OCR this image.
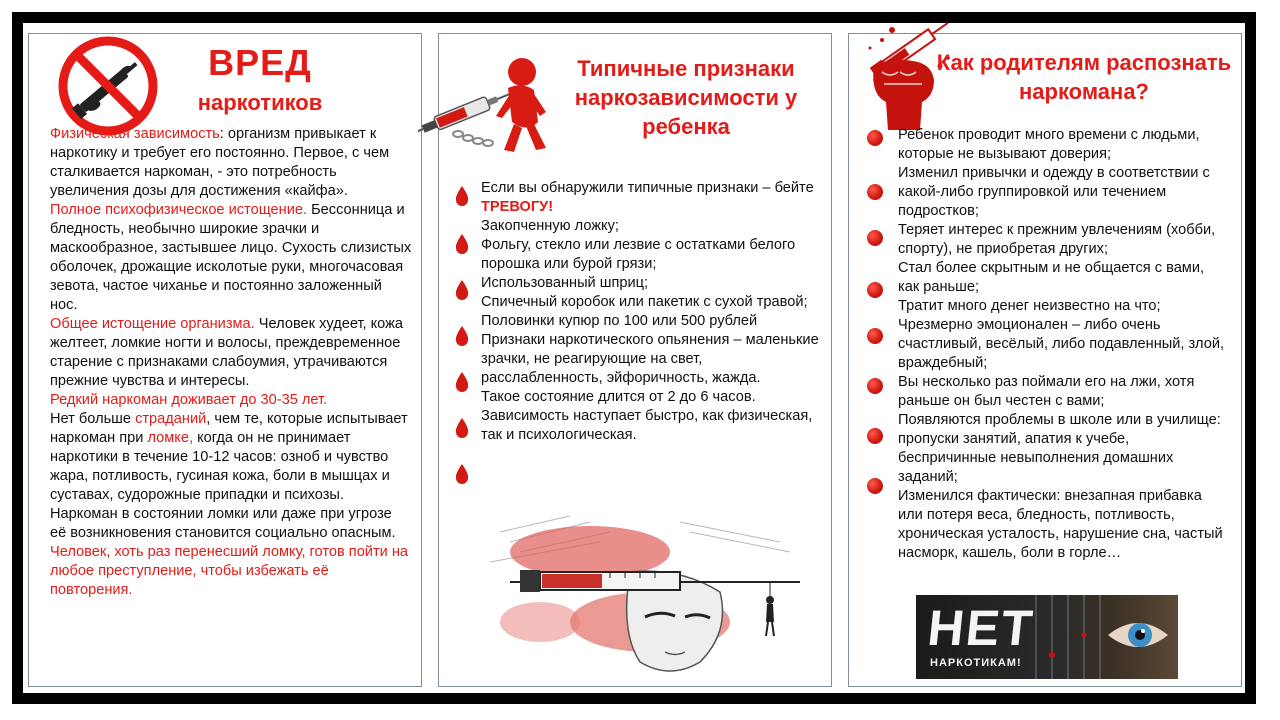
ВРЕД
наркотиков
Физическая зависимость: организм привыкает к наркотику и требует его постоянно. Первое, с чем сталкивается наркоман, - это потребность увеличения дозы для достижения «кайфа».
Полное психофизическое истощение. Бессонница и бледность, необычно широкие зрачки и маскообразное, застывшее лицо. Сухость слизистых оболочек, дрожащие исколотые руки, многочасовая зевота, частое чиханье и постоянно заложенный нос.
Общее истощение организма. Человек худеет, кожа желтеет, ломкие ногти и волосы, преждевременное старение с признаками слабоумия, утрачиваются прежние чувства и интересы.
Редкий наркоман доживает до 30-35 лет.
Нет больше страданий, чем те, которые испытывает наркоман при ломке, когда он не принимает наркотики в течение 10-12 часов: озноб и чувство жара, потливость, гусиная кожа, боли в мышцах и суставах, судорожные припадки и психозы.
Наркоман в состоянии ломки или даже при угрозе её возникновения становится социально опасным. Человек, хоть раз перенесший ломку, готов пойти на любое преступление, чтобы избежать её повторения.
Типичные признаки наркозависимости у ребенка
Если вы обнаружили типичные признаки – бейте ТРЕВОГУ!
Закопченную ложку;
Фольгу, стекло или лезвие с остатками белого порошка или бурой грязи;
Использованный шприц;
Спичечный коробок или пакетик с сухой травой;
Половинки купюр по 100 или 500 рублей
Признаки наркотического опьянения – маленькие зрачки, не реагирующие на свет, расслабленность, эйфоричность, жажда.
Такое состояние длится от 2 до 6 часов.
Зависимость наступает быстро, как физическая, так и психологическая.
Как родителям распознать наркомана?
Ребенок проводит много времени с людьми, которые не вызывают доверия;
Изменил привычки и одежду в соответствии с какой-либо группировкой или течением подростков;
Теряет интерес к прежним увлечениям (хобби, спорту), не приобретая других;
Стал более скрытным и не общается с вами, как раньше;
Тратит много денег неизвестно на что;
Чрезмерно эмоционален – либо очень счастливый, весёлый, либо подавленный, злой, враждебный;
Вы несколько раз поймали его на лжи, хотя раньше он был честен с вами;
Появляются проблемы в школе или в училище: пропуски занятий, апатия к учебе, беспричинные невыполнения домашних заданий;
Изменился фактически: внезапная прибавка или потеря веса, бледность, потливость, хроническая усталость, нарушение сна, частый насморк, кашель, боли в горле…
НЕТ
НАРКОТИКАМ!
